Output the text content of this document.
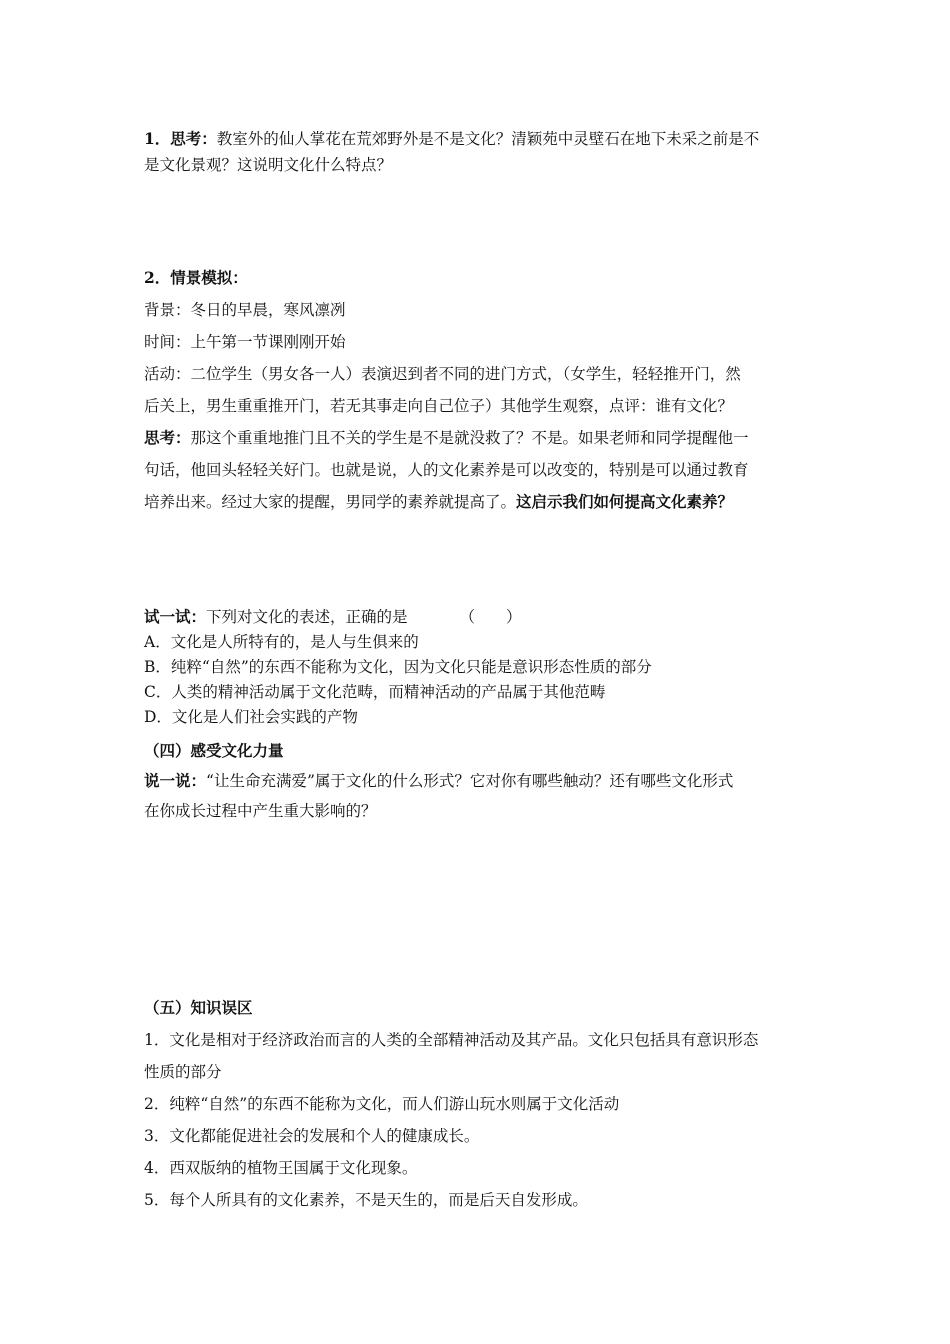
1．思考：教室外的仙人掌花在荒郊野外是不是文化？清颖苑中灵壁石在地下未采之前是不
是文化景观？这说明文化什么特点？
2．情景模拟：
背景：冬日的早晨，寒风凛冽
时间：上午第一节课刚刚开始
活动：二位学生（男女各一人）表演迟到者不同的进门方式，（女学生，轻轻推开门，然
后关上，男生重重推开门，若无其事走向自己位子）其他学生观察，点评：谁有文化？
思考：那这个重重地推门且不关的学生是不是就没救了？不是。如果老师和同学提醒他一
句话，他回头轻轻关好门。也就是说，人的文化素养是可以改变的，特别是可以通过教育
培养出来。经过大家的提醒，男同学的素养就提高了。这启示我们如何提高文化素养？
试一试：下列对文化的表述，正确的是	（　　）
A．文化是人所特有的，是人与生俱来的
B．纯粹“自然”的东西不能称为文化，因为文化只能是意识形态性质的部分
C．人类的精神活动属于文化范畴，而精神活动的产品属于其他范畴
D．文化是人们社会实践的产物
（四）感受文化力量
说一说：“让生命充满爱”属于文化的什么形式？它对你有哪些触动？还有哪些文化形式
在你成长过程中产生重大影响的？
（五）知识误区
1．文化是相对于经济政治而言的人类的全部精神活动及其产品。文化只包括具有意识形态
性质的部分
2．纯粹“自然”的东西不能称为文化，而人们游山玩水则属于文化活动
3．文化都能促进社会的发展和个人的健康成长。
4．西双版纳的植物王国属于文化现象。
5．每个人所具有的文化素养，不是天生的，而是后天自发形成。
